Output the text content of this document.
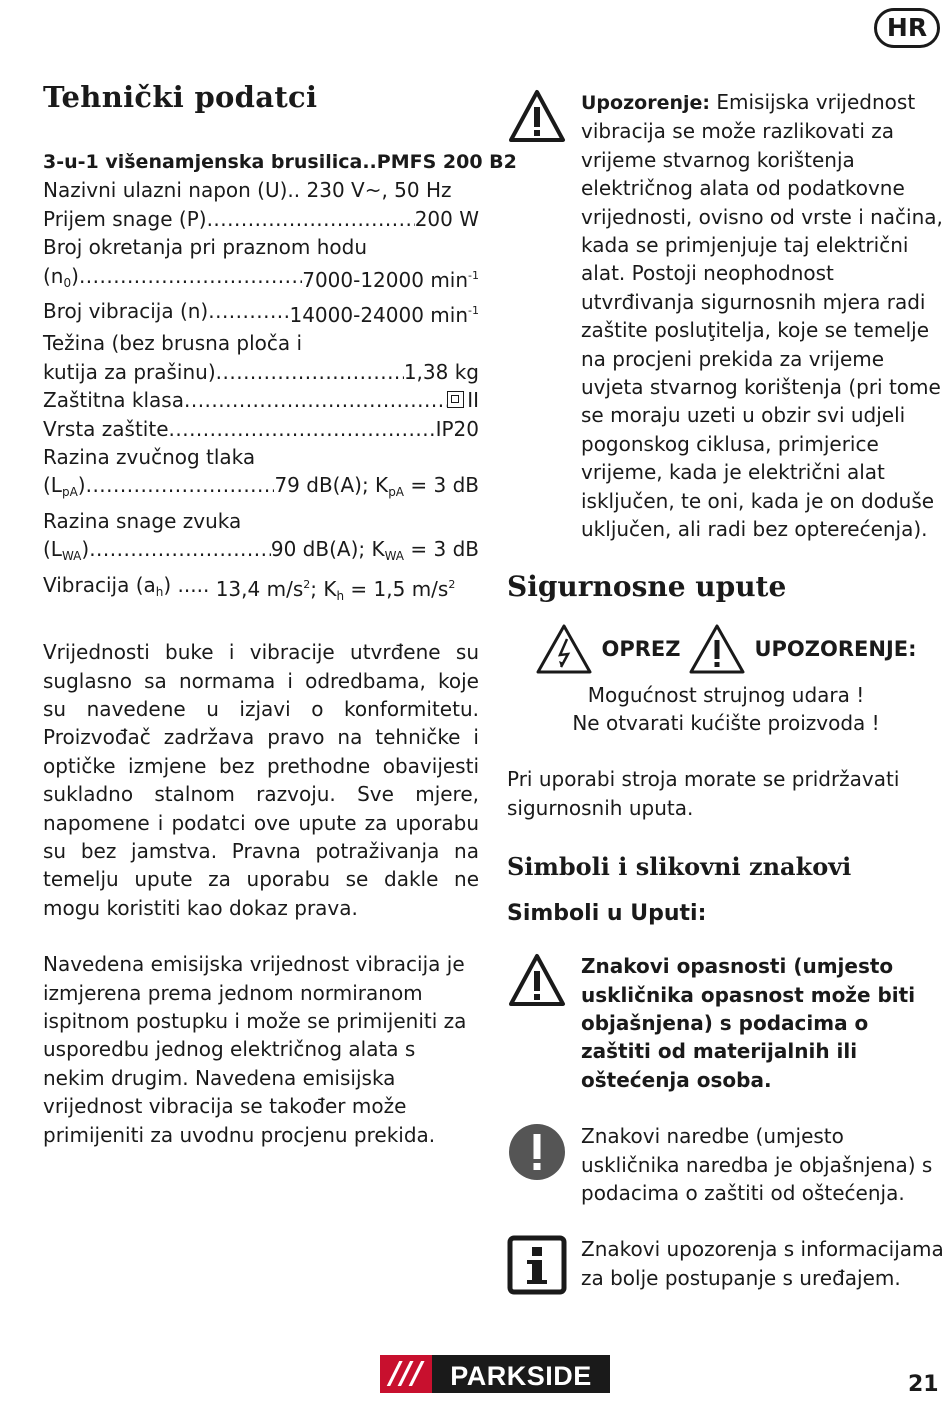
HR
Tehnički podatci
3-u-1 višenamjenska brusilica .. PMFS 200 B2
Nazivni ulazni napon (U) .. 230 V~, 50 Hz
Prijem snage (P) .....	200 W
Broj okretanja pri praznom hodu
$(n_0)$ .....	7000-12000 $\min^{-1}$
Broj vibracija (n) .....	14000-24000 $\min^{-1}$
Težina (bez brusna ploča i
kutija za prašinu) .....	1,38 kg
Zaštitna klasa .....	II
Vrsta zaštite .....	IP20
Razina zvučnog tlaka
$(L_{pA})$ .....	79 dB(A); $K_{pA} = 3$ dB
Razina snage zvuka
$(L_{WA})$ .....	90 dB(A); $K_{WA} = 3$ dB
Vibracija $(a_h)$ ..... 13,4 $m/s^2$; $K_h = 1,5$ $m/s^2$

Vrijednosti buke i vibracije utvrđene su suglasno sa normama i odredbama, koje su navedene u izjavi o konformitetu. Proizvođač zadržava pravo na tehničke i optičke izmjene bez prethodne obavijesti sukladno stalnom razvoju. Sve mjere, napomene i podatci ove upute za uporabu su bez jamstva. Pravna potraživanja na temelju upute za uporabu se dakle ne mogu koristiti kao dokaz prava.

Navedena emisijska vrijednost vibracija je izmjerena prema jednom normiranom ispitnom postupku i može se primijeniti za usporedbu jednog električnog alata s nekim drugim. Navedena emisijska vrijednost vibracija se također može primijeniti za uvodnu procjenu prekida.

Upozorenje: Emisijska vrijednost vibracija se može razlikovati za vrijeme stvarnog korištenja električnog alata od podatkovne vrijednosti, ovisno od vrste i načina, kada se primjenjuje taj električni alat. Postoji neophodnost utvrđivanja sigurnosnih mjera radi zaštite posluţitelja, koje se temelje na procjeni prekida za vrijeme uvjeta stvarnog korištenja (pri tome se moraju uzeti u obzir svi udjeli pogonskog ciklusa, primjerice vrijeme, kada je električni alat isključen, te oni, kada je on doduše uključen, ali radi bez opterećenja).
Sigurnosne upute
OPREZ	UPOZORENJE:
Mogućnost strujnog udara !
Ne otvarati kućište proizvoda !

Pri uporabi stroja morate se pridržavati sigurnosnih uputa.

Simboli i slikovni znakovi
Simboli u Uputi:
Znakovi opasnosti (umjesto uskličnika opasnost može biti objašnjena) s podacima o zaštiti od materijalnih ili oštećenja osoba.
Znakovi naredbe (umjesto uskličnika naredba je objašnjena) s podacima o zaštiti od oštećenja.
Znakovi upozorenja s informacijama za bolje postupanje s uređajem.
///	PARKSIDE	21
